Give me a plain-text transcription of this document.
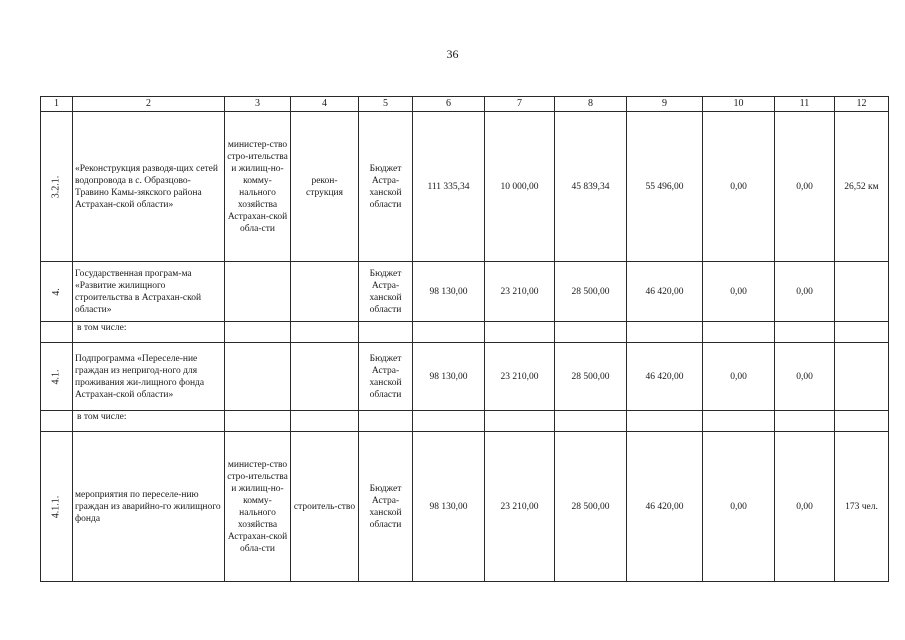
36
1	2	3	4	5	6	7	8	9	10	11	12
3.2.1.	«Реконструкция разводя-щих сетей водопровода в с. Образцово-Травино Камы-зякского района Астрахан-ской области»	министер-ство стро-ительства и жилищ-но-комму-нального хозяйства Астрахан-ской обла-сти	рекон-струкция	Бюджет Астра-ханской области	111 335,34	10 000,00	45 839,34	55 496,00	0,00	0,00	26,52 км
4.	Государственная програм-ма «Развитие жилищного строительства в Астрахан-ской области»			Бюджет Астра-ханской области	98 130,00	23 210,00	28 500,00	46 420,00	0,00	0,00	
	в том числе:										
4.1.	Подпрограмма «Переселе-ние граждан из непригод-ного для проживания жи-лищного фонда Астрахан-ской области»			Бюджет Астра-ханской области	98 130,00	23 210,00	28 500,00	46 420,00	0,00	0,00	
	в том числе:										
4.1.1.	мероприятия по переселе-нию граждан из аварийно-го жилищного фонда	министер-ство стро-ительства и жилищ-но-комму-нального хозяйства Астрахан-ской обла-сти	строитель-ство	Бюджет Астра-ханской области	98 130,00	23 210,00	28 500,00	46 420,00	0,00	0,00	173 чел.
